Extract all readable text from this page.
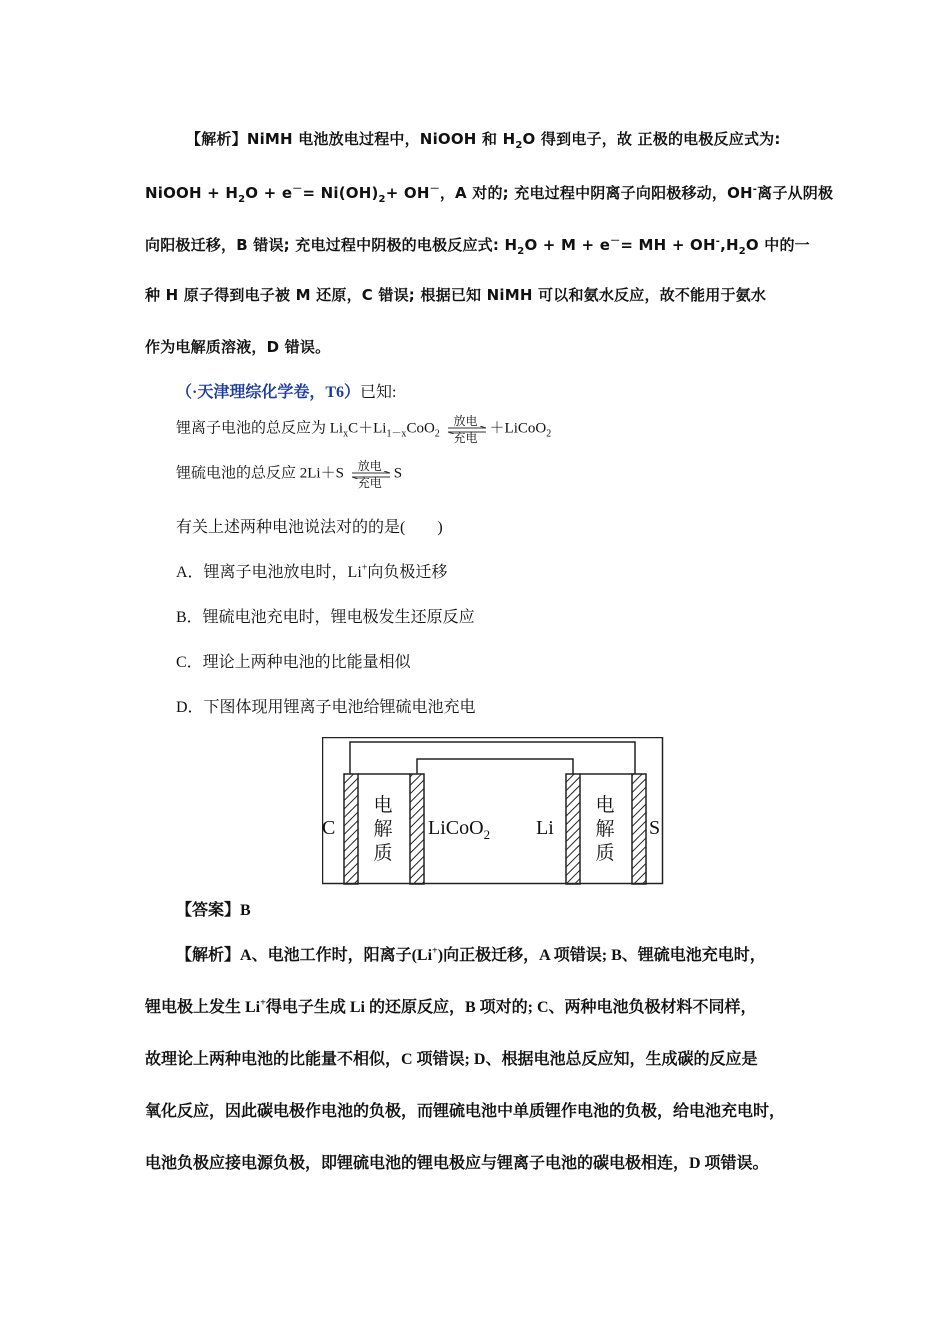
【解析】NiMH 电池放电过程中，NiOOH 和 $H_2O$ 得到电子，故 正极的电极反应式为:
NiOOH + $H_2O + e^-= Ni(OH)_2+ OH^-$，A 对的; 充电过程中阴离子向阳极移动，OH-离子从阴极
向阳极迁移，B 错误; 充电过程中阴极的电极反应式: $H_2O + M + e^-=$ MH + $OH^-,H_2O$ 中的一
种 H 原子得到电子被 M 还原，C 错误; 根据已知 NiMH 可以和氨水反应，故不能用于氨水
作为电解质溶液，D 错误。
（·天津理综化学卷，T6）已知:
锂离子电池的总反应为 $Li_xC+Li_{1-x}CoO_2$
放电
充电
＋LiCoO$_2$
锂硫电池的总反应 2Li＋S 放电
充电
S
有关上述两种电池说法对的的是(　　)
A．锂离子电池放电时，Li+向负极迁移
B．锂硫电池充电时，锂电极发生还原反应
C．理论上两种电池的比能量相似
D．下图体现用锂离子电池给锂硫电池充电
C	LiCoO$_2$ Li	S
电
解
质
电
解
质
【答案】B
【解析】A、电池工作时，阳离子(Li+)向正极迁移，A 项错误; B、锂硫电池充电时，
锂电极上发生 Li+得电子生成 Li 的还原反应，B 项对的; C、两种电池负极材料不同样，
故理论上两种电池的比能量不相似，C 项错误; D、根据电池总反应知，生成碳的反应是
氧化反应，因此碳电极作电池的负极，而锂硫电池中单质锂作电池的负极，给电池充电时，
电池负极应接电源负极，即锂硫电池的锂电极应与锂离子电池的碳电极相连，D 项错误。
